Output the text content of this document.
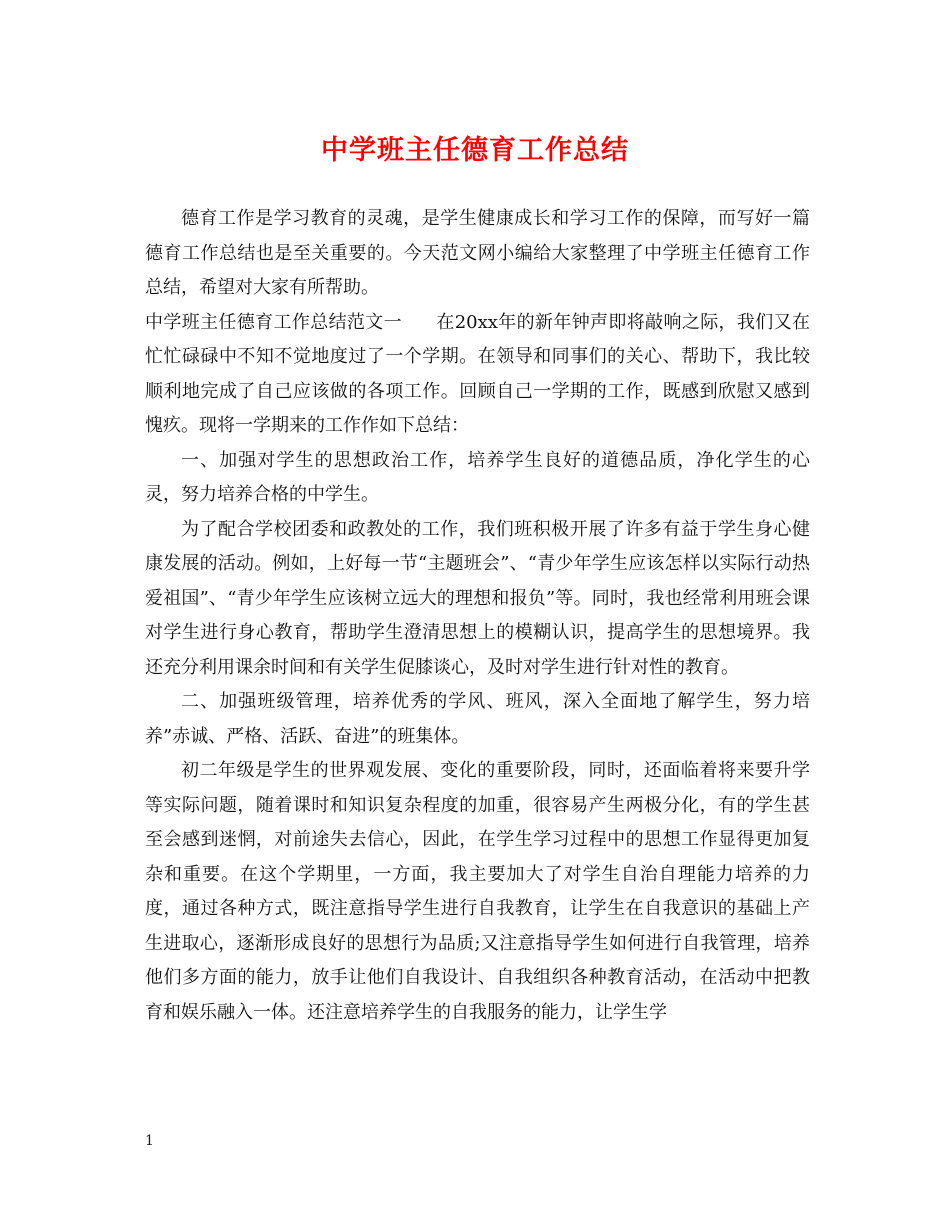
中学班主任德育工作总结

德育工作是学习教育的灵魂，是学生健康成长和学习工作的保障，而写好一篇德育工作总结也是至关重要的。今天范文网小编给大家整理了中学班主任德育工作总结，希望对大家有所帮助。

中学班主任德育工作总结范文一 在20xx年的新年钟声即将敲响之际，我们又在忙忙碌碌中不知不觉地度过了一个学期。在领导和同事们的关心、帮助下，我比较顺利地完成了自己应该做的各项工作。回顾自己一学期的工作，既感到欣慰又感到愧疚。现将一学期来的工作作如下总结：

一、加强对学生的思想政治工作，培养学生良好的道德品质，净化学生的心灵，努力培养合格的中学生。

为了配合学校团委和政教处的工作，我们班积极开展了许多有益于学生身心健康发展的活动。例如，上好每一节“主题班会”、“青少年学生应该怎样以实际行动热爱祖国”、“青少年学生应该树立远大的理想和报负”等。同时，我也经常利用班会课对学生进行身心教育，帮助学生澄清思想上的模糊认识，提高学生的思想境界。我还充分利用课余时间和有关学生促膝谈心，及时对学生进行针对性的教育。

二、加强班级管理，培养优秀的学风、班风，深入全面地了解学生，努力培养”赤诚、严格、活跃、奋进”的班集体。

初二年级是学生的世界观发展、变化的重要阶段，同时，还面临着将来要升学等实际问题，随着课时和知识复杂程度的加重，很容易产生两极分化，有的学生甚至会感到迷惘，对前途失去信心，因此，在学生学习过程中的思想工作显得更加复杂和重要。在这个学期里，一方面，我主要加大了对学生自治自理能力培养的力度，通过各种方式，既注意指导学生进行自我教育，让学生在自我意识的基础上产生进取心，逐渐形成良好的思想行为品质;又注意指导学生如何进行自我管理，培养他们多方面的能力，放手让他们自我设计、自我组织各种教育活动，在活动中把教育和娱乐融入一体。还注意培养学生的自我服务的能力，让学生学

1
